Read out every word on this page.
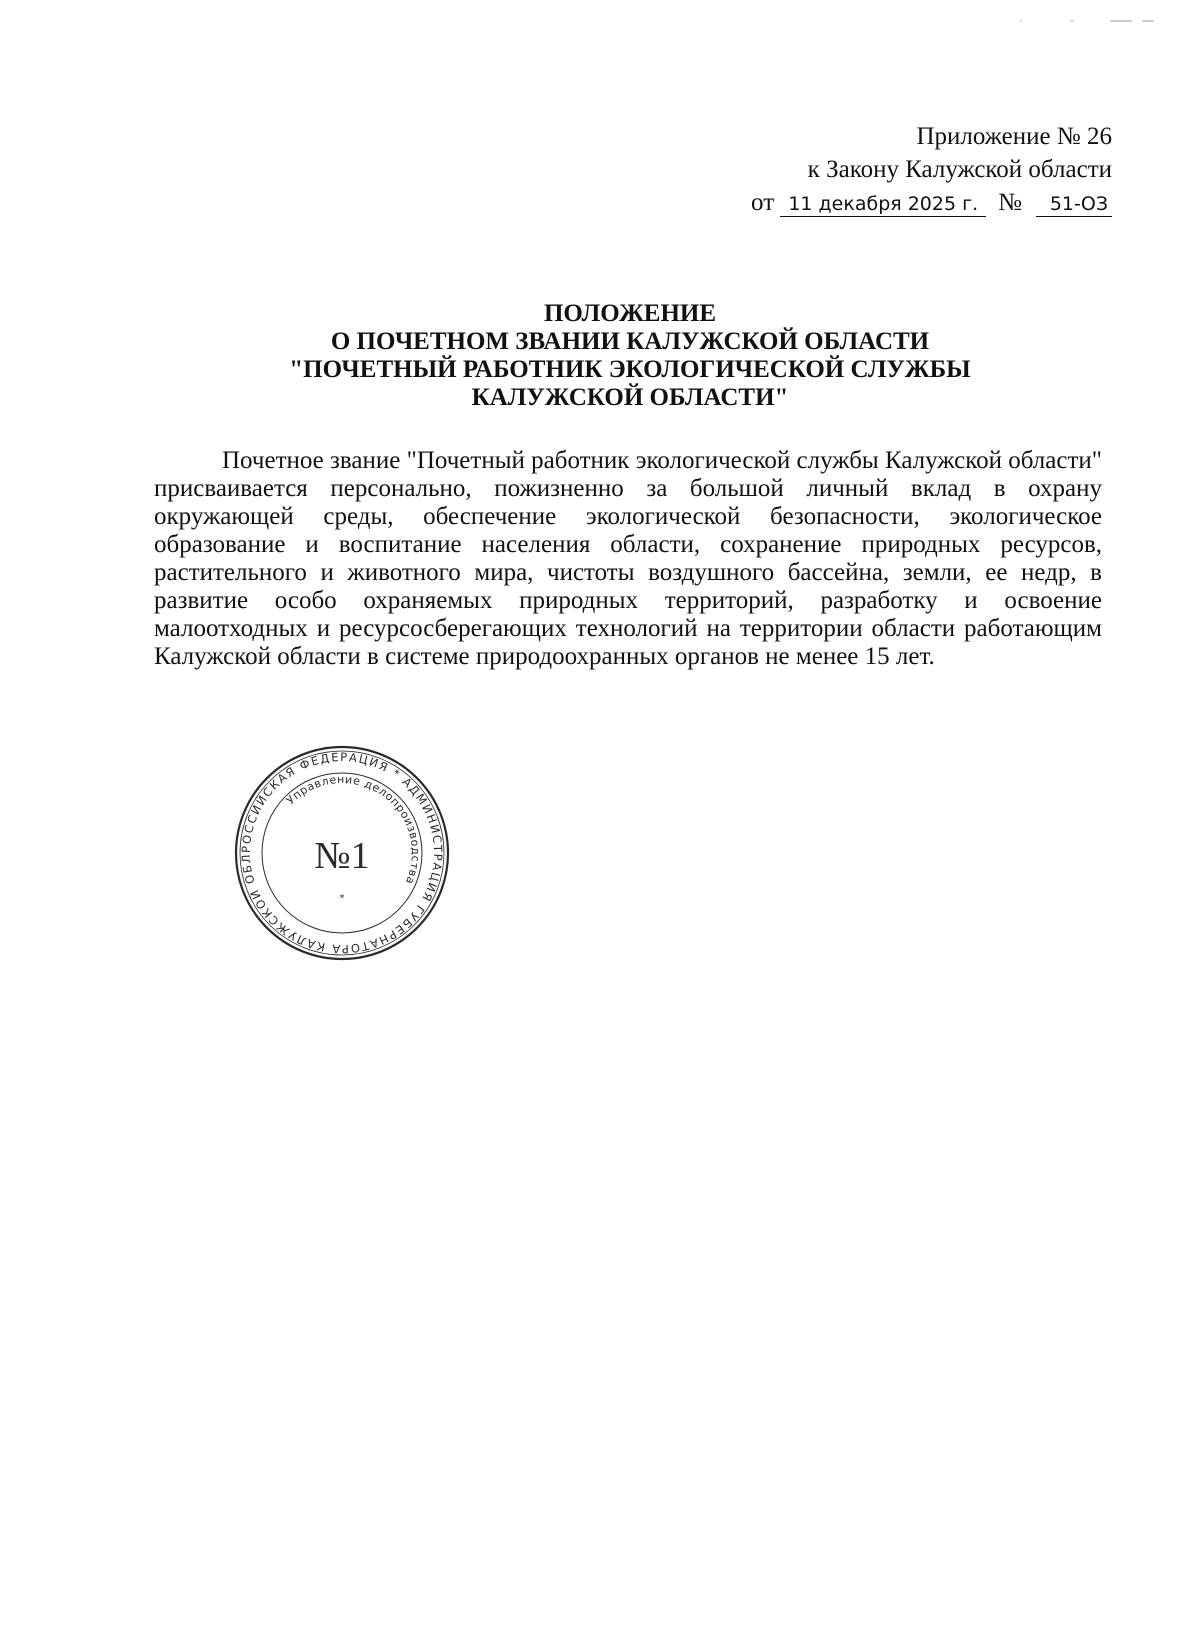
Приложение № 26
к Закону Калужской области
от 11 декабря 2025 г. №	51-ОЗ
ПОЛОЖЕНИЕ
О ПОЧЕТНОМ ЗВАНИИ КАЛУЖСКОЙ ОБЛАСТИ
"ПОЧЕТНЫЙ РАБОТНИК ЭКОЛОГИЧЕСКОЙ СЛУЖБЫ
КАЛУЖСКОЙ ОБЛАСТИ"
Почетное звание "Почетный работник экологической службы Калужской области" присваивается персонально, пожизненно за большой личный вклад в охрану окружающей среды, обеспечение экологической безопасности, экологическое образование и воспитание населения области, сохранение природных ресурсов, растительного и животного мира, чистоты воздушного бассейна, земли, ее недр, в развитие особо охраняемых природных территорий, разработку и освоение малоотходных и ресурсосберегающих технологий на территории области работающим Калужской области в системе природоохранных органов не менее 15 лет.
РОССИЙСКАЯ ФЕДЕРАЦИЯ * АДМИНИСТРАЦИЯ ГУБЕРНАТОРА КАЛУЖСКОЙ ОБЛ
Управление делопроизводства
№1
*
